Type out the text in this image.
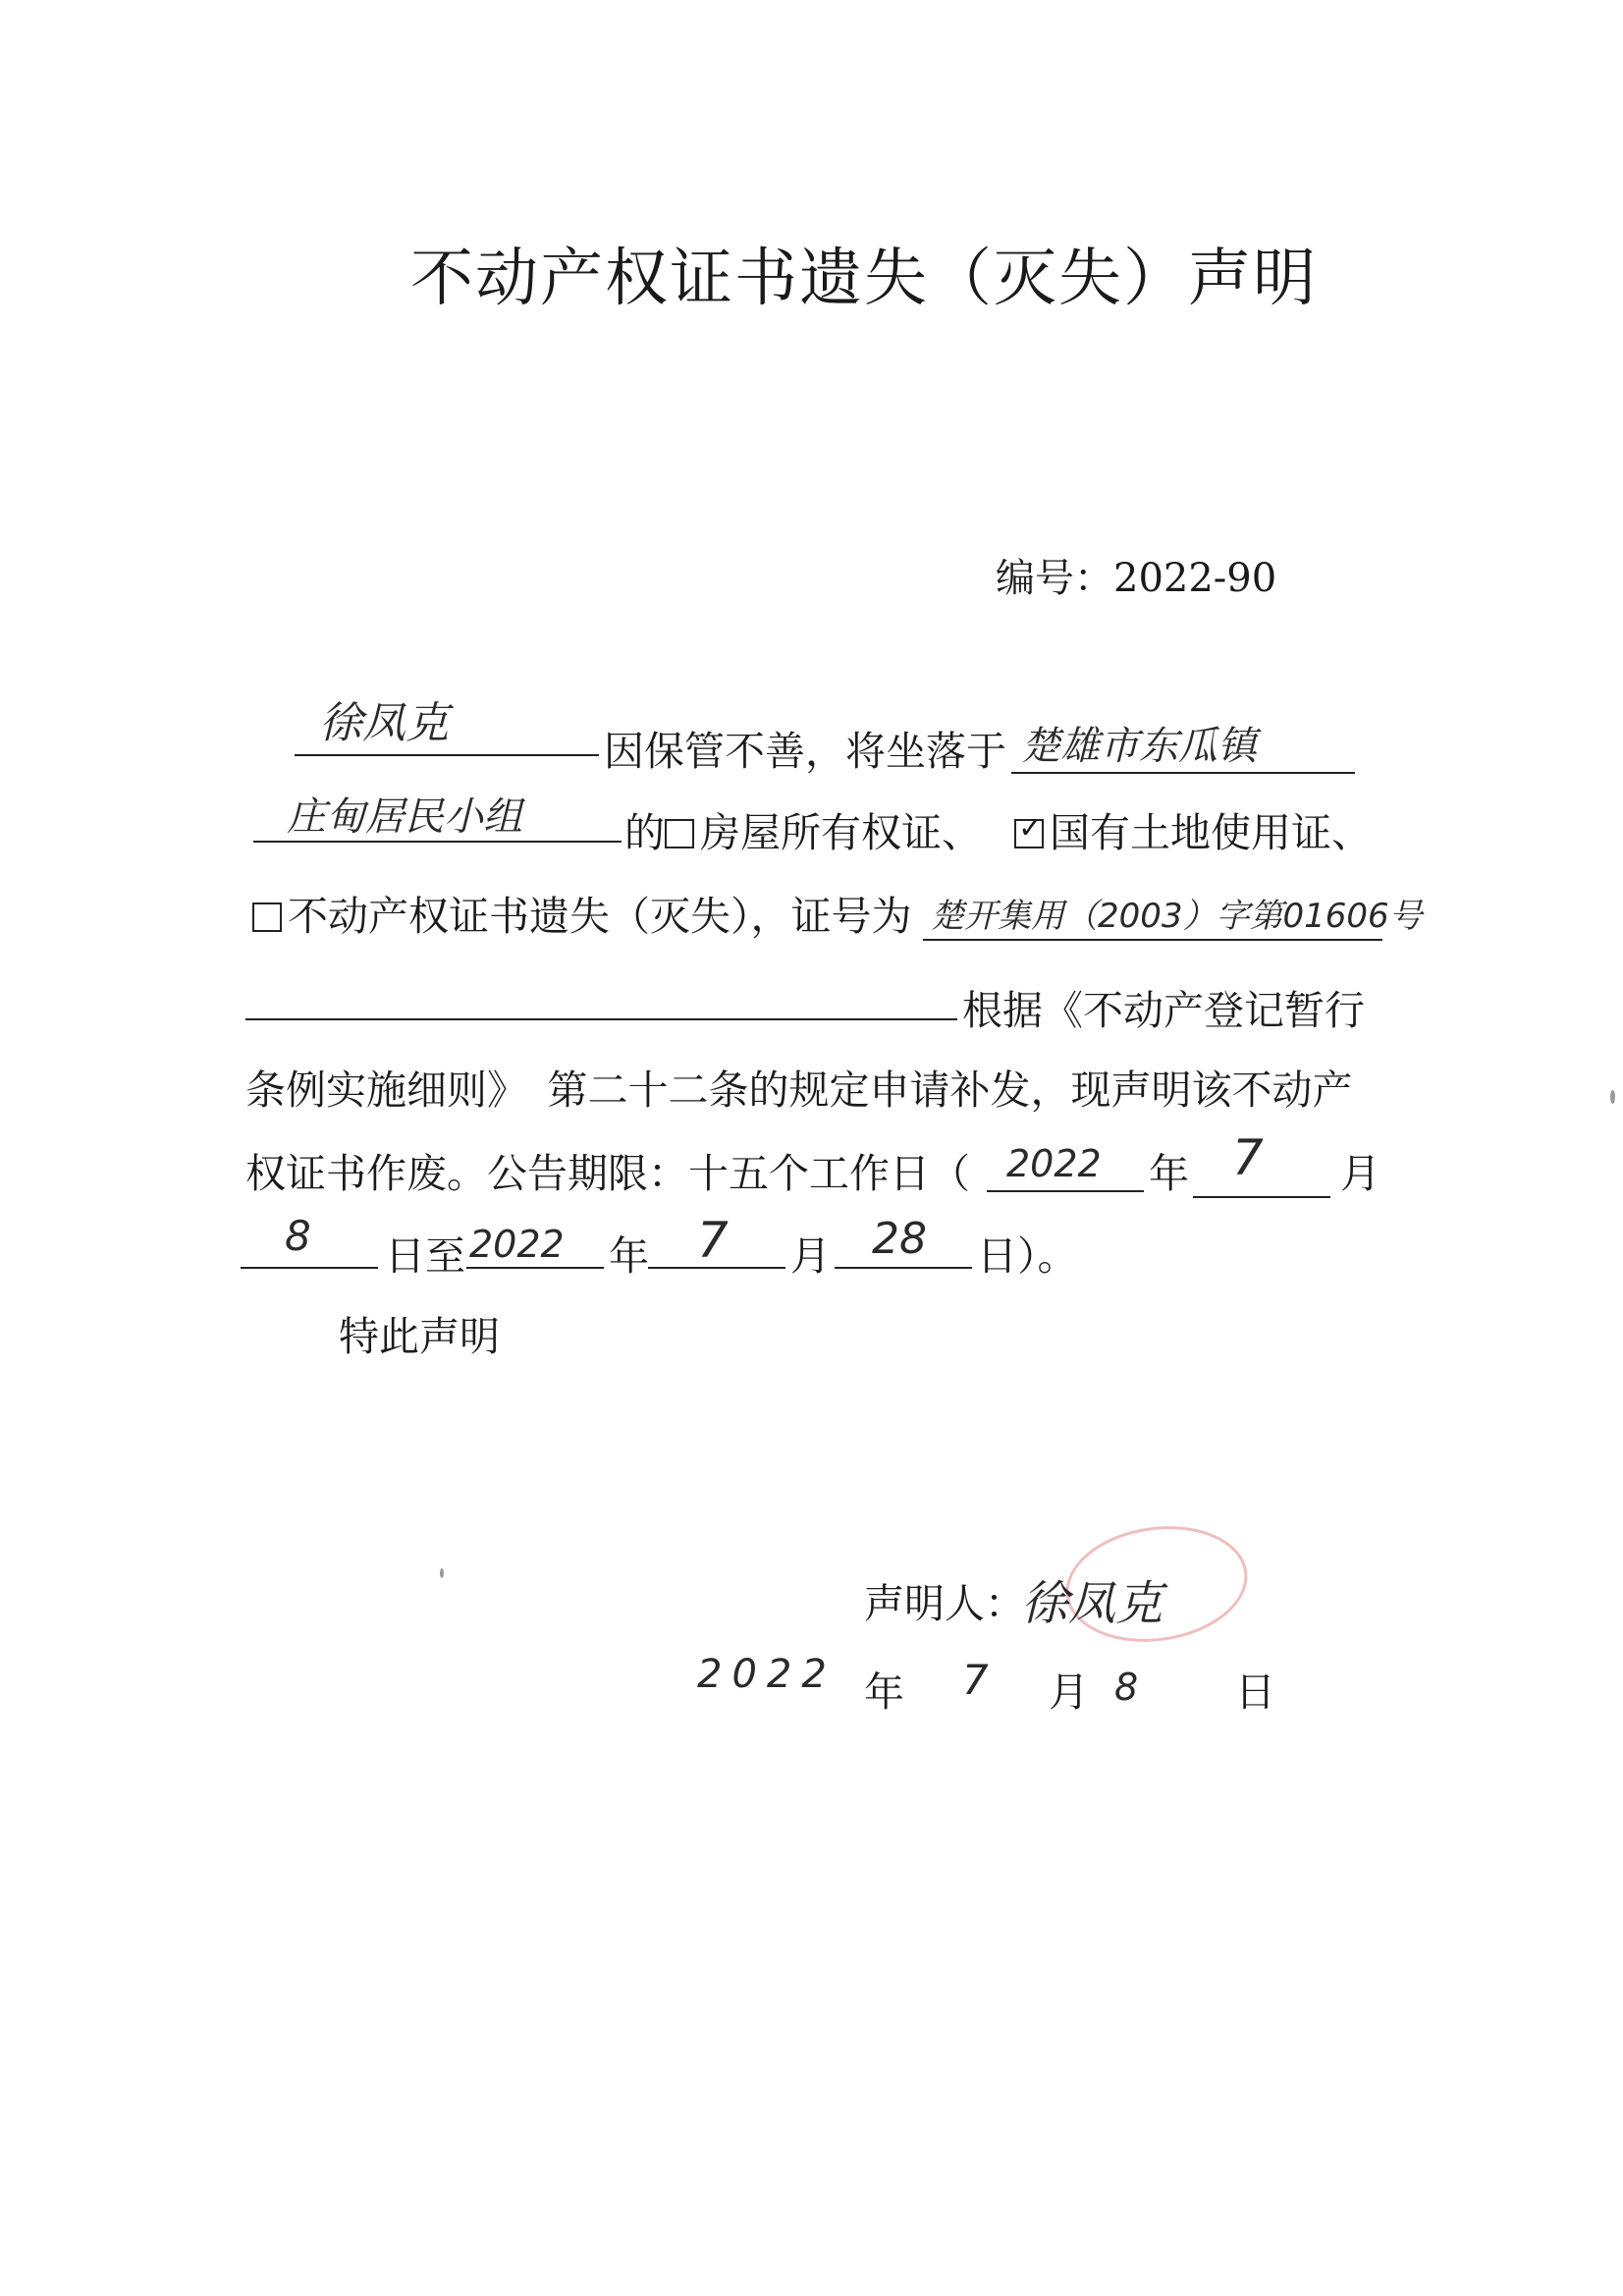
不动产权证书遗失（灭失）声明
编号：2022-90
徐凤克
因保管不善，将坐落于 楚雄市东瓜镇
庄甸居民小组	的 房屋所有权证、
✓	国有土地使用证、
不动产权证书遗失（灭失），证号为 楚开集用（2003）字第01606号
根据《不动产登记暂行
条例实施细则》　第二十二条的规定申请补发，现声明该不动产
权证书作废。公告期限：十五个工作日（ 2022 年 7 月
8 日至 2022 年 7 月 28 日）。
特此声明
声明人：
徐凤克
2022 年 7 月 8 日
